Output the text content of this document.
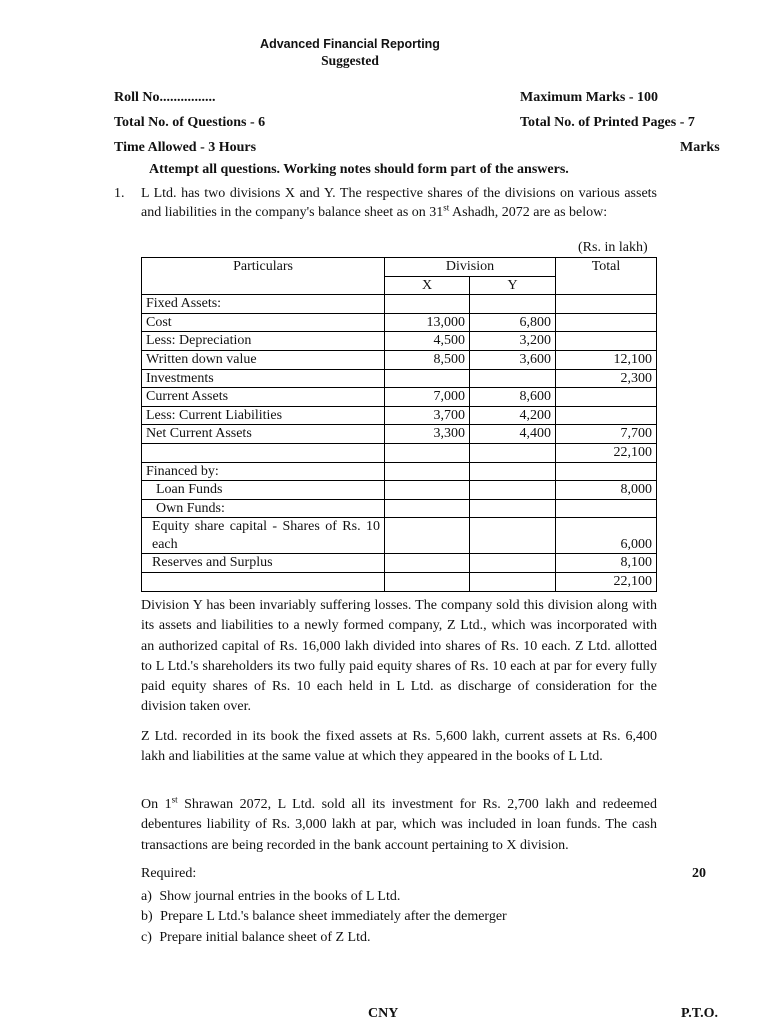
Advanced Financial Reporting
Suggested
Roll No................	Maximum Marks - 100
Total No. of Questions - 6	Total No. of Printed Pages - 7
Time Allowed - 3 Hours	Marks
Attempt all questions. Working notes should form part of the answers.
1. L Ltd. has two divisions X and Y. The respective shares of the divisions on various assets and liabilities in the company's balance sheet as on 31st Ashadh, 2072 are as below:

(Rs. in lakh)
Particulars	Division		Total
	X	Y	
Fixed Assets:			
Cost	13,000	6,800	
Less: Depreciation	4,500	3,200	
Written down value	8,500	3,600	12,100
Investments			2,300
Current Assets	7,000	8,600	
Less: Current Liabilities	3,700	4,200	
Net Current Assets	3,300	4,400	7,700
			22,100
Financed by:			
Loan Funds			8,000
Own Funds:			
Equity share capital - Shares of Rs. 10 each			6,000
Reserves and Surplus			8,100
			22,100

Division Y has been invariably suffering losses. The company sold this division along with its assets and liabilities to a newly formed company, Z Ltd., which was incorporated with an authorized capital of Rs. 16,000 lakh divided into shares of Rs. 10 each. Z Ltd. allotted to L Ltd.'s shareholders its two fully paid equity shares of Rs. 10 each at par for every fully paid equity shares of Rs. 10 each held in L Ltd. as discharge of consideration for the division taken over.

Z Ltd. recorded in its book the fixed assets at Rs. 5,600 lakh, current assets at Rs. 6,400 lakh and liabilities at the same value at which they appeared in the books of L Ltd.

On 1st Shrawan 2072, L Ltd. sold all its investment for Rs. 2,700 lakh and redeemed debentures liability of Rs. 3,000 lakh at par, which was included in loan funds. The cash transactions are being recorded in the bank account pertaining to X division.

Required:	20
a) Show journal entries in the books of L Ltd.
b) Prepare L Ltd.'s balance sheet immediately after the demerger
c) Prepare initial balance sheet of Z Ltd.
CNY	P.T.O.
